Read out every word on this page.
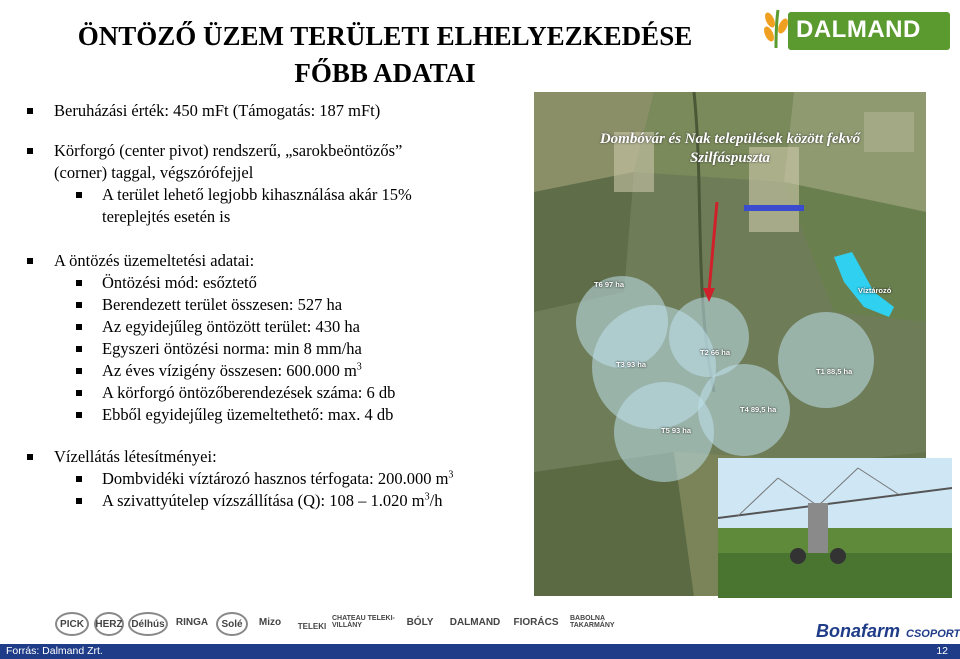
ÖNTÖZŐ ÜZEM TERÜLETI ELHELYEZKEDÉSE
FŐBB ADATAI
DALMAND Zrt.
Beruházási érték: 450 mFt (Támogatás: 187 mFt)
Körforgó (center pivot) rendszerű, „sarokbeöntözős”
(corner) taggal, végszórófejjel
A terület lehető legjobb kihasználása akár 15%
tereplejtés esetén is
A öntözés üzemeltetési adatai:
Öntözési mód: esőztető
Berendezett terület összesen: 527 ha
Az egyidejűleg öntözött terület: 430 ha
Egyszeri öntözési norma: min 8 mm/ha
Az éves vízigény összesen: 600.000 $m^3$
A körforgó öntözőberendezések száma: 6 db
Ebből egyidejűleg üzemeltethető: max. 4 db
Vízellátás létesítményei:
Dombvidéki víztározó hasznos térfogata: 200.000 $m^3$
A szivattyútelep vízszállítása (Q): 108 – 1.020 $m^3/h$
Dombóvár és Nak települések között fekvő
Szilfáspuszta
T6 97 ha
T3 93 ha
T2 66 ha
T1 88,5 ha
T4 89,5 ha
T5 93 ha
Víztározó
PICK	HERZ Délhús	RINGA	Solé	Mizo	TELEKI
CHATEAU TELEKI-VILLÁNY	BÓLY	DALMAND	FIORÁCS	BABOLNA TAKARMÁNY	Bonafarm CSOPORT
Forrás: Dalmand Zrt.	12
